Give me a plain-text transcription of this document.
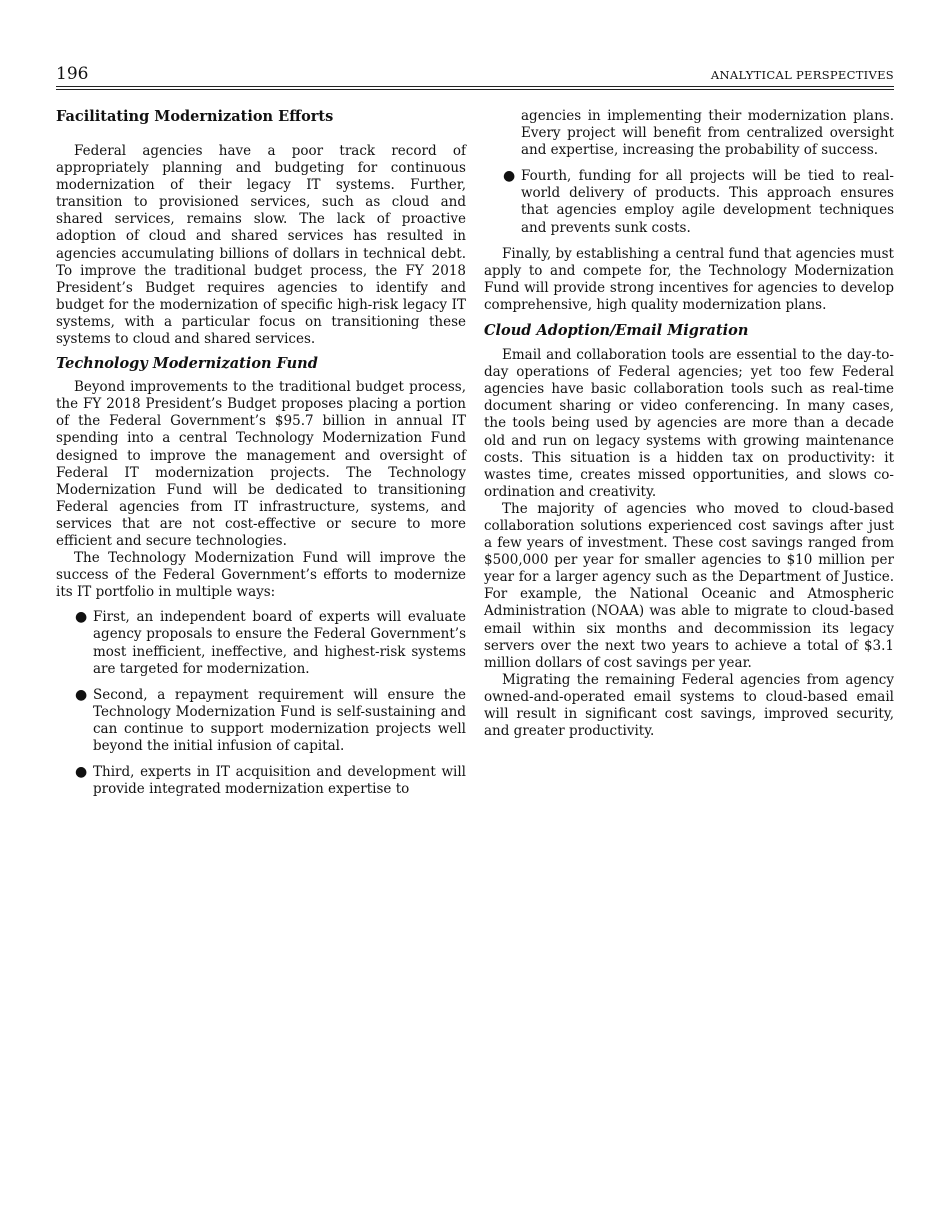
196	ANALYTICAL PERSPECTIVES
Facilitating Modernization Efforts

Federal agencies have a poor track record of appropriately planning and budgeting for continuous modernization of their legacy IT systems. Further, transition to provisioned services, such as cloud and shared services, remains slow. The lack of proactive adoption of cloud and shared services has resulted in agencies accumulating billions of dollars in technical debt. To improve the traditional budget process, the FY 2018 President’s Budget requires agencies to identify and budget for the modernization of specific high-risk legacy IT systems, with a particular focus on transitioning these systems to cloud and shared services.

Technology Modernization Fund

Beyond improvements to the traditional budget process, the FY 2018 President’s Budget proposes placing a portion of the Federal Government’s $95.7 billion in annual IT spending into a central Technology Modernization Fund designed to improve the management and oversight of Federal IT modernization projects. The Technology Modernization Fund will be dedicated to transitioning Federal agencies from IT infrastructure, systems, and services that are not cost-effective or secure to more efficient and secure technologies.

The Technology Modernization Fund will improve the success of the Federal Government’s efforts to modernize its IT portfolio in multiple ways:

● First, an independent board of experts will evaluate agency proposals to ensure the Federal Government’s most inefficient, ineffective, and highest-risk systems are targeted for modernization.
● Second, a repayment requirement will ensure the Technology Modernization Fund is self-sustaining and can continue to support modernization projects well beyond the initial infusion of capital.
● Third, experts in IT acquisition and development will provide integrated modernization expertise to
agencies in implementing their modernization plans. Every project will benefit from centralized oversight and expertise, increasing the probability of success.
● Fourth, funding for all projects will be tied to real-world delivery of products. This approach ensures that agencies employ agile development techniques and prevents sunk costs.

Finally, by establishing a central fund that agencies must apply to and compete for, the Technology Modernization Fund will provide strong incentives for agencies to develop comprehensive, high quality modernization plans.

Cloud Adoption/Email Migration

Email and collaboration tools are essential to the day-to-day operations of Federal agencies; yet too few Federal agencies have basic collaboration tools such as real-time document sharing or video conferencing. In many cases, the tools being used by agencies are more than a decade old and run on legacy systems with growing maintenance costs. This situation is a hidden tax on productivity: it wastes time, creates missed opportunities, and slows co-ordination and creativity.

The majority of agencies who moved to cloud-based collaboration solutions experienced cost savings after just a few years of investment. These cost savings ranged from $500,000 per year for smaller agencies to $10 million per year for a larger agency such as the Department of Justice. For example, the National Oceanic and Atmospheric Administration (NOAA) was able to migrate to cloud-based email within six months and decommission its legacy servers over the next two years to achieve a total of $3.1 million dollars of cost savings per year.

Migrating the remaining Federal agencies from agency owned-and-operated email systems to cloud-based email will result in significant cost savings, improved security, and greater productivity.
